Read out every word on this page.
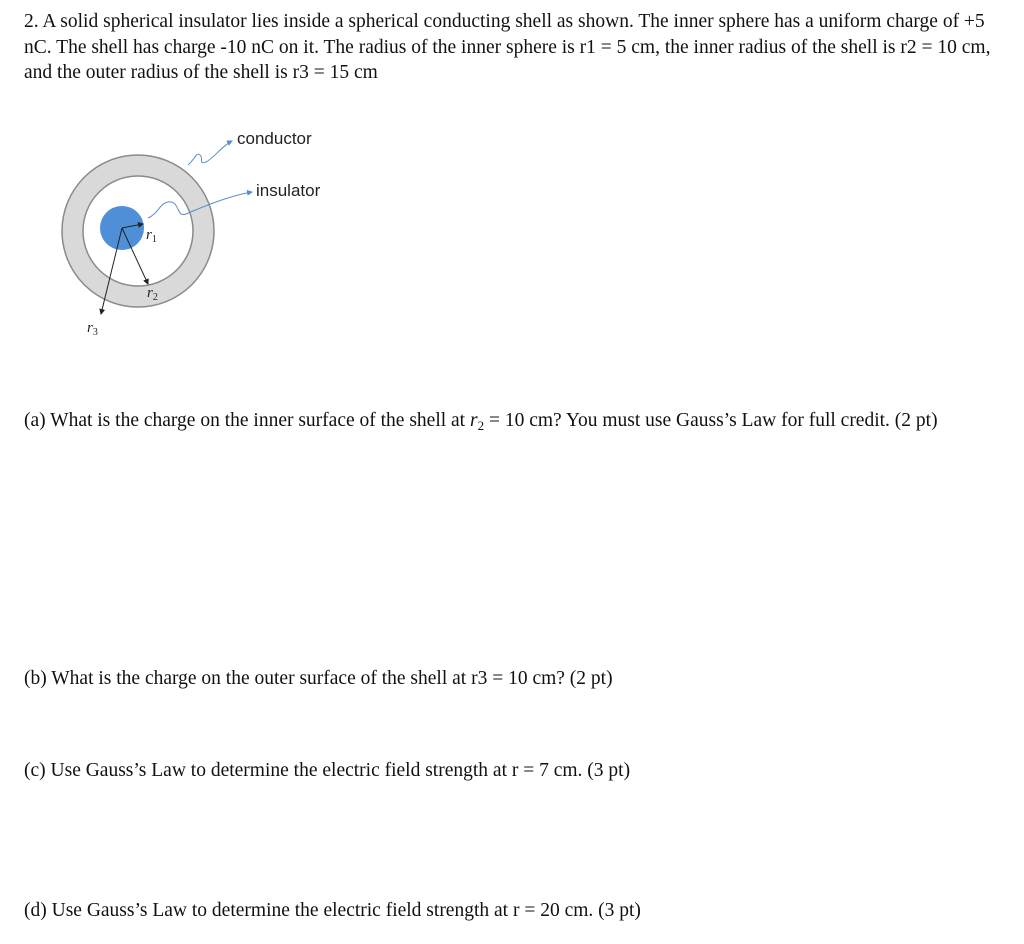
2. A solid spherical insulator lies inside a spherical conducting shell as shown. The inner sphere has a uniform charge of +5 nC. The shell has charge -10 nC on it. The radius of the inner sphere is r1 = 5 cm, the inner radius of the shell is r2 = 10 cm, and the outer radius of the shell is r3 = 15 cm

$r_1$
$r_2$
$r_3$
conductor
insulator

(a) What is the charge on the inner surface of the shell at $r_2 = 10$ cm? You must use Gauss’s Law for full credit. (2 pt)

(b) What is the charge on the outer surface of the shell at r3 = 10 cm? (2 pt)

(c) Use Gauss’s Law to determine the electric field strength at r = 7 cm. (3 pt)

(d) Use Gauss’s Law to determine the electric field strength at r = 20 cm. (3 pt)
